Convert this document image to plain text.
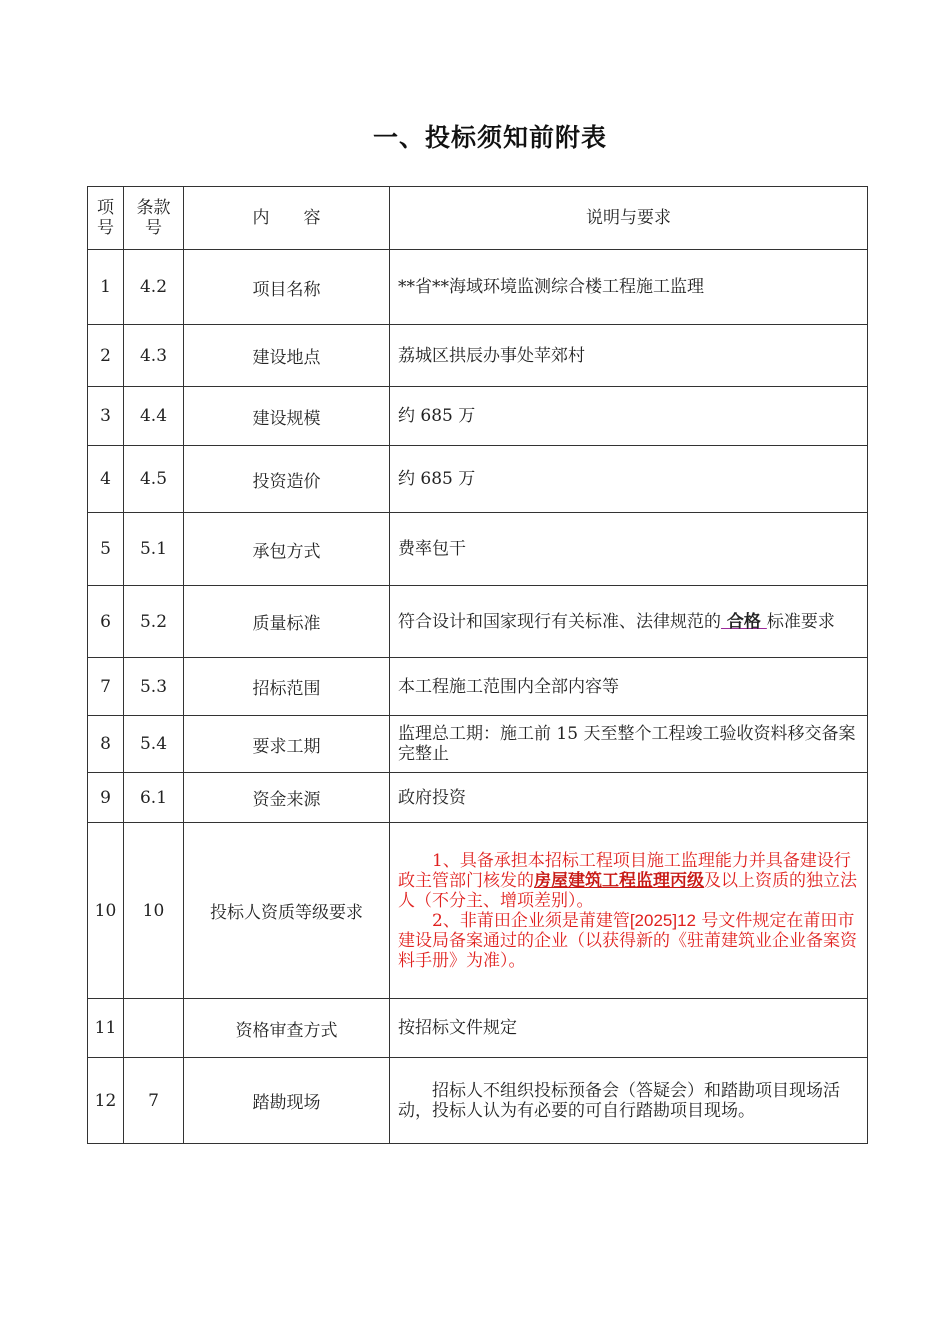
一、投标须知前附表
项号	条款号	内　　容	说明与要求
1	4.2	项目名称	**省**海域环境监测综合楼工程施工监理
2	4.3	建设地点	荔城区拱辰办事处苹郊村
3	4.4	建设规模	约 685 万
4	4.5	投资造价	约 685 万
5	5.1	承包方式	费率包干
6	5.2	质量标准	符合设计和国家现行有关标准、法律规范的 合格 标准要求
7	5.3	招标范围	本工程施工范围内全部内容等
8	5.4	要求工期	监理总工期：施工前 15 天至整个工程竣工验收资料移交备案完整止
9	6.1	资金来源	政府投资
10	10	投标人资质等级要求	1、具备承担本招标工程项目施工监理能力并具备建设行政主管部门核发的房屋建筑工程监理丙级及以上资质的独立法人（不分主、增项差别）。
2、非莆田企业须是莆建管[2025]12 号文件规定在莆田市建设局备案通过的企业（以获得新的《驻莆建筑业企业备案资料手册》为准）。

11		资格审查方式	按招标文件规定
12	7	踏勘现场	招标人不组织投标预备会（答疑会）和踏勘项目现场活动，投标人认为有必要的可自行踏勘项目现场。
